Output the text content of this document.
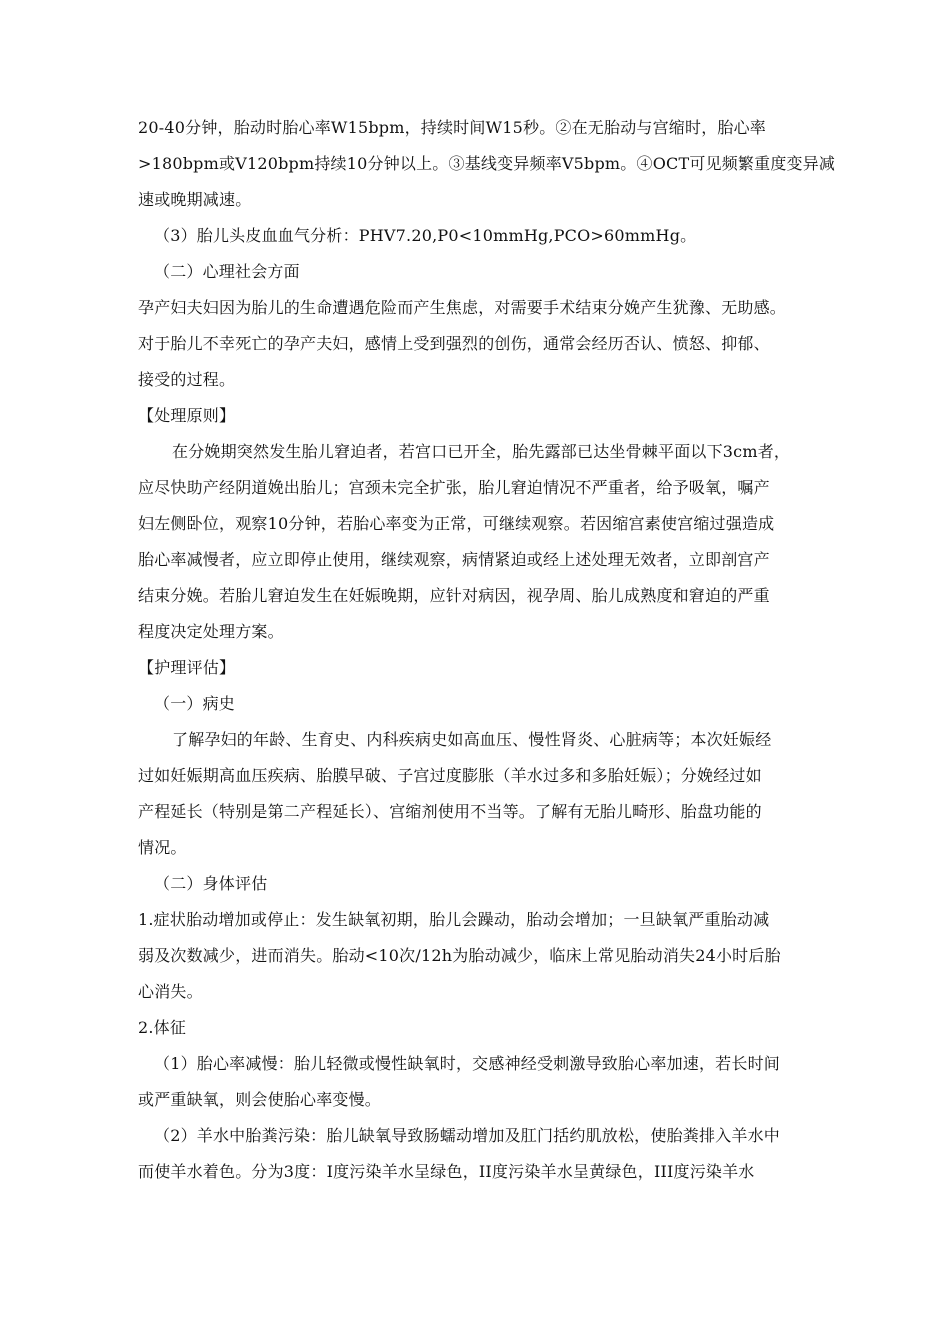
20-40分钟，胎动时胎心率W15bpm，持续时间W15秒。②在无胎动与宫缩时，胎心率
>180bpm或V120bpm持续10分钟以上。③基线变异频率V5bpm。④OCT可见频繁重度变异减
速或晚期减速。
（3）胎儿头皮血血气分析：PHV7.20,P0<10mmHg,PCO>60mmHg。
（二）心理社会方面
孕产妇夫妇因为胎儿的生命遭遇危险而产生焦虑，对需要手术结束分娩产生犹豫、无助感。
对于胎儿不幸死亡的孕产夫妇，感情上受到强烈的创伤，通常会经历否认、愤怒、抑郁、
接受的过程。
【处理原则】
在分娩期突然发生胎儿窘迫者，若宫口已开全，胎先露部已达坐骨棘平面以下3cm者，
应尽快助产经阴道娩出胎儿；宫颈未完全扩张，胎儿窘迫情况不严重者，给予吸氧，嘱产
妇左侧卧位，观察10分钟，若胎心率变为正常，可继续观察。若因缩宫素使宫缩过强造成
胎心率减慢者，应立即停止使用，继续观察，病情紧迫或经上述处理无效者，立即剖宫产
结束分娩。若胎儿窘迫发生在妊娠晚期，应针对病因，视孕周、胎儿成熟度和窘迫的严重
程度决定处理方案。
【护理评估】
（一）病史
了解孕妇的年龄、生育史、内科疾病史如高血压、慢性肾炎、心脏病等；本次妊娠经
过如妊娠期高血压疾病、胎膜早破、子宫过度膨胀（羊水过多和多胎妊娠）；分娩经过如
产程延长（特别是第二产程延长）、宫缩剂使用不当等。了解有无胎儿畸形、胎盘功能的
情况。
（二）身体评估
1.症状胎动增加或停止：发生缺氧初期，胎儿会躁动，胎动会增加；一旦缺氧严重胎动减
弱及次数减少，进而消失。胎动<10次/12h为胎动减少，临床上常见胎动消失24小时后胎
心消失。
2.体征
（1）胎心率减慢：胎儿轻微或慢性缺氧时，交感神经受刺激导致胎心率加速，若长时间
或严重缺氧，则会使胎心率变慢。
（2）羊水中胎粪污染：胎儿缺氧导致肠蠕动增加及肛门括约肌放松，使胎粪排入羊水中
而使羊水着色。分为3度：I度污染羊水呈绿色，II度污染羊水呈黄绿色，III度污染羊水
